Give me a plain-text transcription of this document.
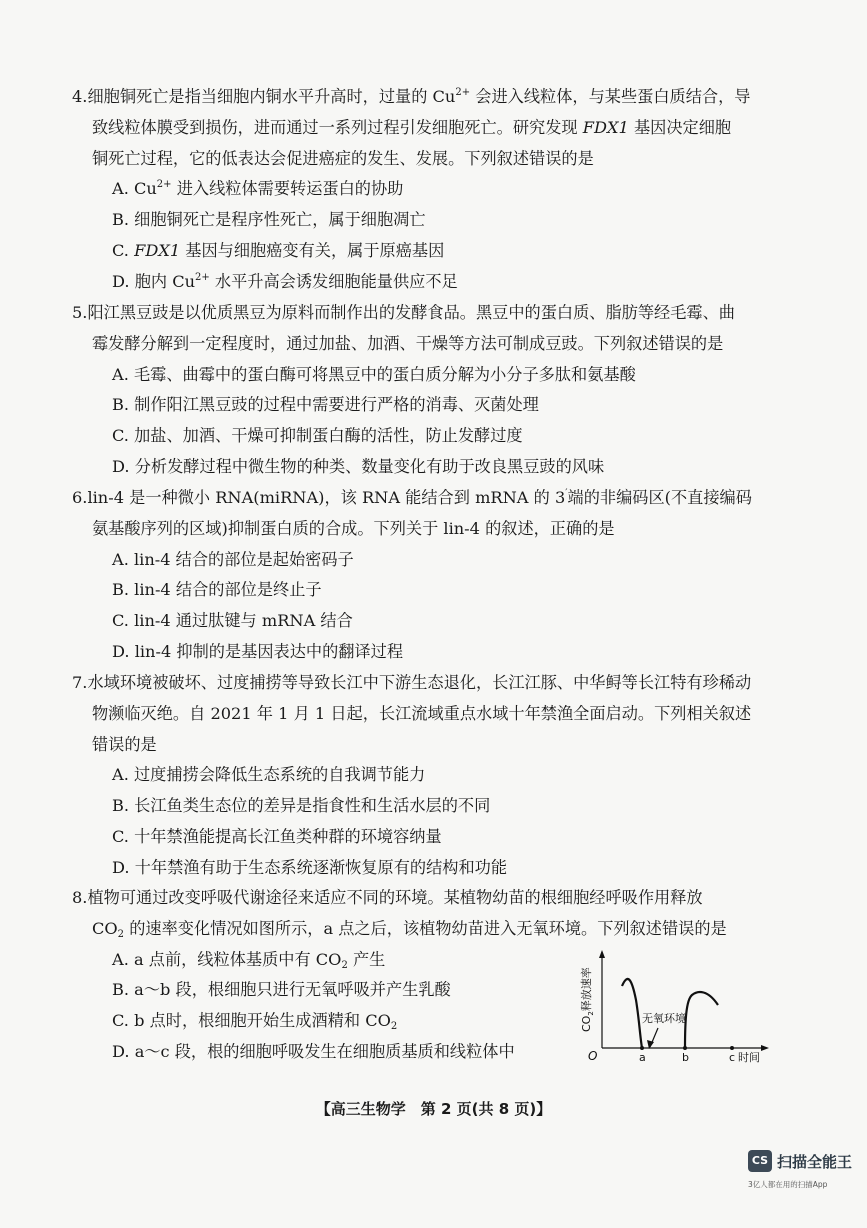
4.细胞铜死亡是指当细胞内铜水平升高时，过量的 $Cu^{2+}$ 会进入线粒体，与某些蛋白质结合，导
致线粒体膜受到损伤，进而通过一系列过程引发细胞死亡。研究发现 FDX1 基因决定细胞
铜死亡过程，它的低表达会促进癌症的发生、发展。下列叙述错误的是
A. $Cu^{2+}$ 进入线粒体需要转运蛋白的协助
B. 细胞铜死亡是程序性死亡，属于细胞凋亡
C. FDX1 基因与细胞癌变有关，属于原癌基因
D. 胞内 $Cu^{2+}$ 水平升高会诱发细胞能量供应不足
5.阳江黑豆豉是以优质黑豆为原料而制作出的发酵食品。黑豆中的蛋白质、脂肪等经毛霉、曲
霉发酵分解到一定程度时，通过加盐、加酒、干燥等方法可制成豆豉。下列叙述错误的是
A. 毛霉、曲霉中的蛋白酶可将黑豆中的蛋白质分解为小分子多肽和氨基酸
B. 制作阳江黑豆豉的过程中需要进行严格的消毒、灭菌处理
C. 加盐、加酒、干燥可抑制蛋白酶的活性，防止发酵过度
D. 分析发酵过程中微生物的种类、数量变化有助于改良黑豆豉的风味
6.lin-4 是一种微小 RNA(miRNA)，该 RNA 能结合到 mRNA 的 3′端的非编码区(不直接编码
氨基酸序列的区域)抑制蛋白质的合成。下列关于 lin-4 的叙述，正确的是
A. lin-4 结合的部位是起始密码子
B. lin-4 结合的部位是终止子
C. lin-4 通过肽键与 mRNA 结合
D. lin-4 抑制的是基因表达中的翻译过程
7.水域环境被破坏、过度捕捞等导致长江中下游生态退化，长江江豚、中华鲟等长江特有珍稀动
物濒临灭绝。自 2021 年 1 月 1 日起，长江流域重点水域十年禁渔全面启动。下列相关叙述
错误的是
A. 过度捕捞会降低生态系统的自我调节能力
B. 长江鱼类生态位的差异是指食性和生活水层的不同
C. 十年禁渔能提高长江鱼类种群的环境容纳量
D. 十年禁渔有助于生态系统逐渐恢复原有的结构和功能
8.植物可通过改变呼吸代谢途径来适应不同的环境。某植物幼苗的根细胞经呼吸作用释放
$CO_2$ 的速率变化情况如图所示，a 点之后，该植物幼苗进入无氧环境。下列叙述错误的是
A. a 点前，线粒体基质中有 $CO_2$ 产生
B. a～b 段，根细胞只进行无氧呼吸并产生乳酸
C. b 点时，根细胞开始生成酒精和 $CO_2$
D. a～c 段，根的细胞呼吸发生在细胞质基质和线粒体中
$CO_2$释放速率
无氧环境
O	a	b	c 时间
【高三生物学　第 2 页(共 8 页)】
CS 扫描全能王
3亿人都在用的扫描App
